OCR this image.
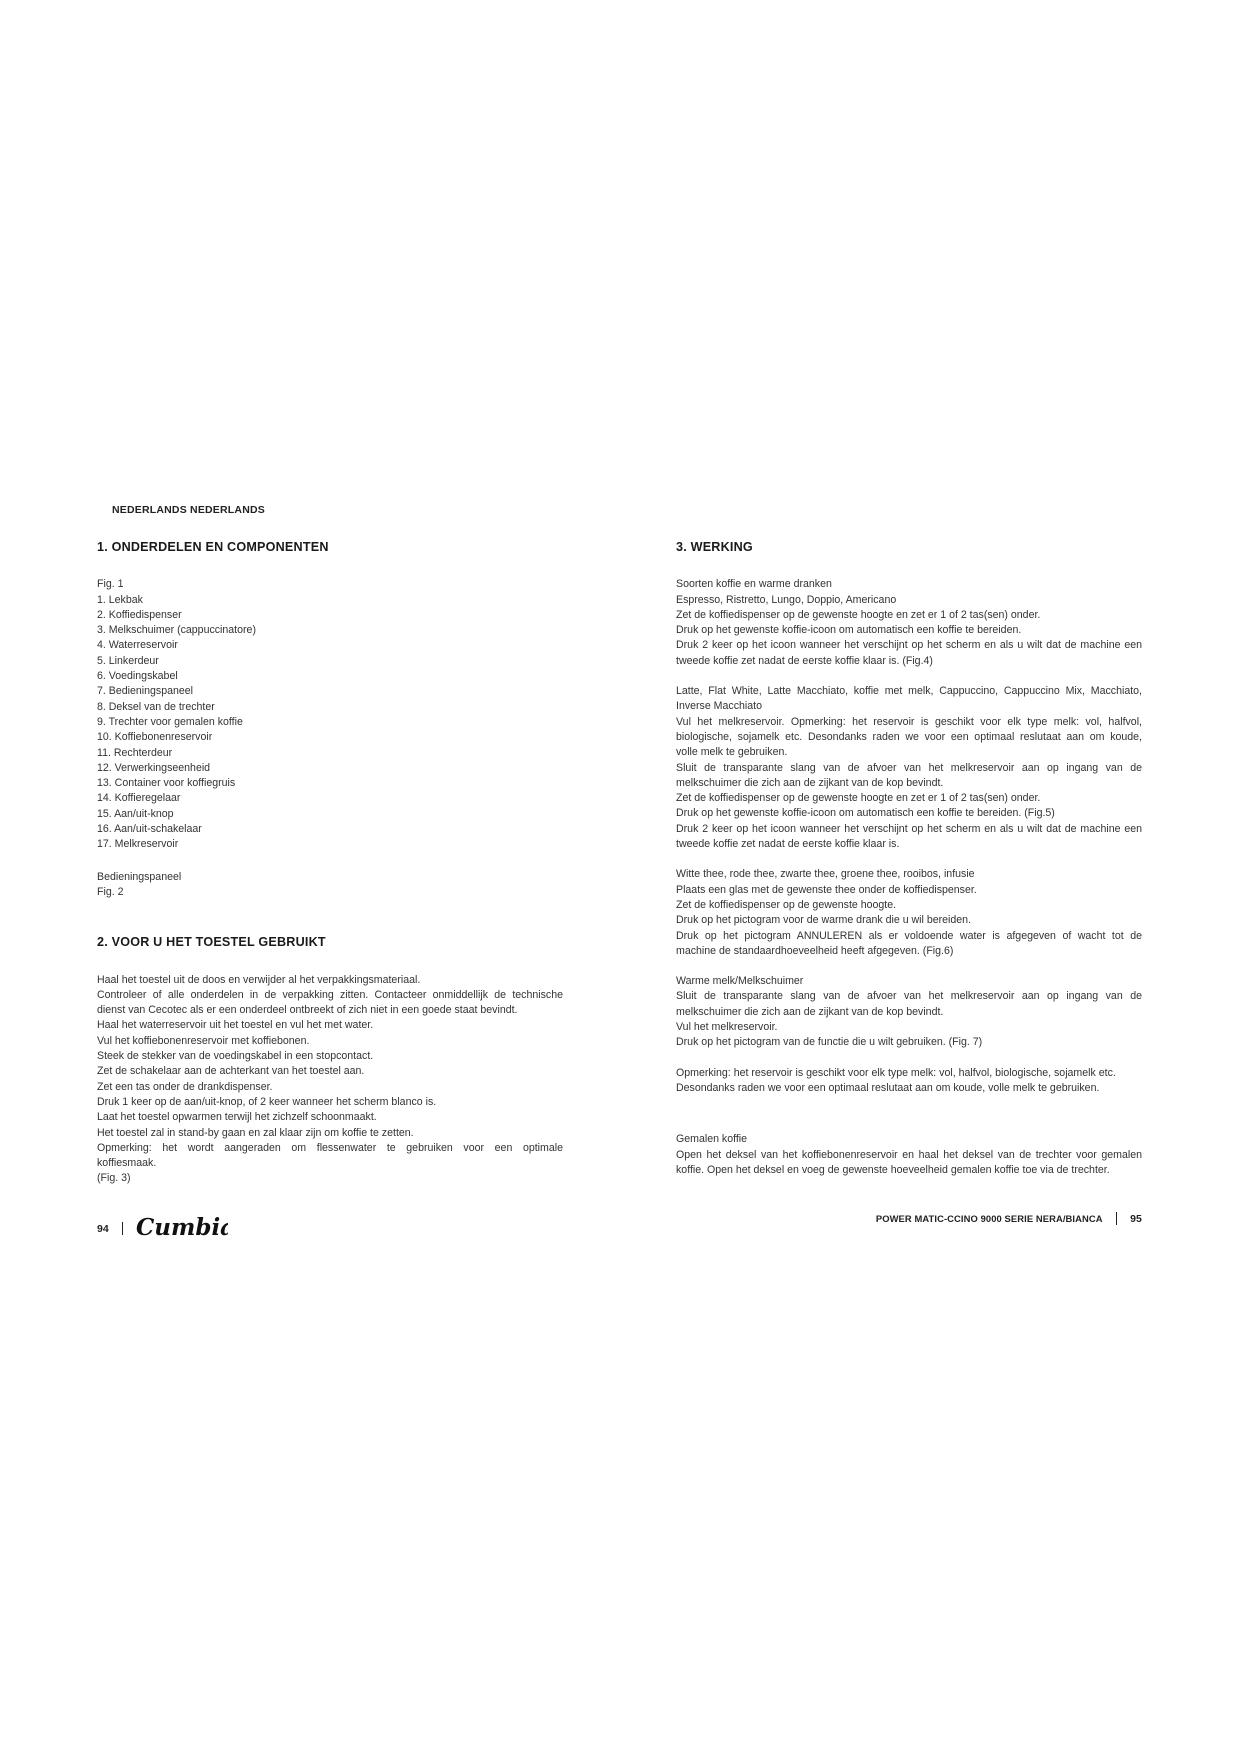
NEDERLANDS NEDERLANDS
1. ONDERDELEN EN COMPONENTEN
Fig. 1
1. Lekbak
2. Koffiedispenser
3. Melkschuimer (cappuccinatore)
4. Waterreservoir
5. Linkerdeur
6. Voedingskabel
7. Bedieningspaneel
8. Deksel van de trechter
9. Trechter voor gemalen koffie
10. Koffiebonenreservoir
11. Rechterdeur
12. Verwerkingseenheid
13. Container voor koffiegruis
14. Koffieregelaar
15. Aan/uit-knop
16. Aan/uit-schakelaar
17. Melkreservoir
Bedieningspaneel
Fig. 2
2. VOOR U HET TOESTEL GEBRUIKT
Haal het toestel uit de doos en verwijder al het verpakkingsmateriaal.
Controleer of alle onderdelen in de verpakking zitten. Contacteer onmiddellijk de technische
dienst van Cecotec als er een onderdeel ontbreekt of zich niet in een goede staat bevindt.
Haal het waterreservoir uit het toestel en vul het met water.
Vul het koffiebonenreservoir met koffiebonen.
Steek de stekker van de voedingskabel in een stopcontact.
Zet de schakelaar aan de achterkant van het toestel aan.
Zet een tas onder de drankdispenser.
Druk 1 keer op de aan/uit-knop, of 2 keer wanneer het scherm blanco is.
Laat het toestel opwarmen terwijl het zichzelf schoonmaakt.
Het toestel zal in stand-by gaan en zal klaar zijn om koffie te zetten.
Opmerking: het wordt aangeraden om flessenwater te gebruiken voor een optimale
koffiesmaak.
(Fig. 3)
3. WERKING
Soorten koffie en warme dranken
Espresso, Ristretto, Lungo, Doppio, Americano
Zet de koffiedispenser op de gewenste hoogte en zet er 1 of 2 tas(sen) onder.
Druk op het gewenste koffie-icoon om automatisch een koffie te bereiden.
Druk 2 keer op het icoon wanneer het verschijnt op het scherm en als u wilt dat de machine een
tweede koffie zet nadat de eerste koffie klaar is. (Fig.4)
Latte, Flat White, Latte Macchiato, koffie met melk, Cappuccino, Cappuccino Mix, Macchiato,
Inverse Macchiato
Vul het melkreservoir. Opmerking: het reservoir is geschikt voor elk type melk: vol, halfvol,
biologische, sojamelk etc. Desondanks raden we voor een optimaal reslutaat aan om koude,
volle melk te gebruiken.
Sluit de transparante slang van de afvoer van het melkreservoir aan op ingang van de
melkschuimer die zich aan de zijkant van de kop bevindt.
Zet de koffiedispenser op de gewenste hoogte en zet er 1 of 2 tas(sen) onder.
Druk op het gewenste koffie-icoon om automatisch een koffie te bereiden. (Fig.5)
Druk 2 keer op het icoon wanneer het verschijnt op het scherm en als u wilt dat de machine een
tweede koffie zet nadat de eerste koffie klaar is.
Witte thee, rode thee, zwarte thee, groene thee, rooibos, infusie
Plaats een glas met de gewenste thee onder de koffiedispenser.
Zet de koffiedispenser op de gewenste hoogte.
Druk op het pictogram voor de warme drank die u wil bereiden.
Druk op het pictogram ANNULEREN als er voldoende water is afgegeven of wacht tot de
machine de standaardhoeveelheid heeft afgegeven. (Fig.6)
Warme melk/Melkschuimer
Sluit de transparante slang van de afvoer van het melkreservoir aan op ingang van de
melkschuimer die zich aan de zijkant van de kop bevindt.
Vul het melkreservoir.
Druk op het pictogram van de functie die u wilt gebruiken. (Fig. 7)
Opmerking: het reservoir is geschikt voor elk type melk: vol, halfvol, biologische, sojamelk etc.
Desondanks raden we voor een optimaal reslutaat aan om koude, volle melk te gebruiken.
Gemalen koffie
Open het deksel van het koffiebonenreservoir en haal het deksel van de trechter voor gemalen
koffie. Open het deksel en voeg de gewenste hoeveelheid gemalen koffie toe via de trechter.
94 Cumbia	POWER MATIC-CCINO 9000 SERIE NERA/BIANCA	95
